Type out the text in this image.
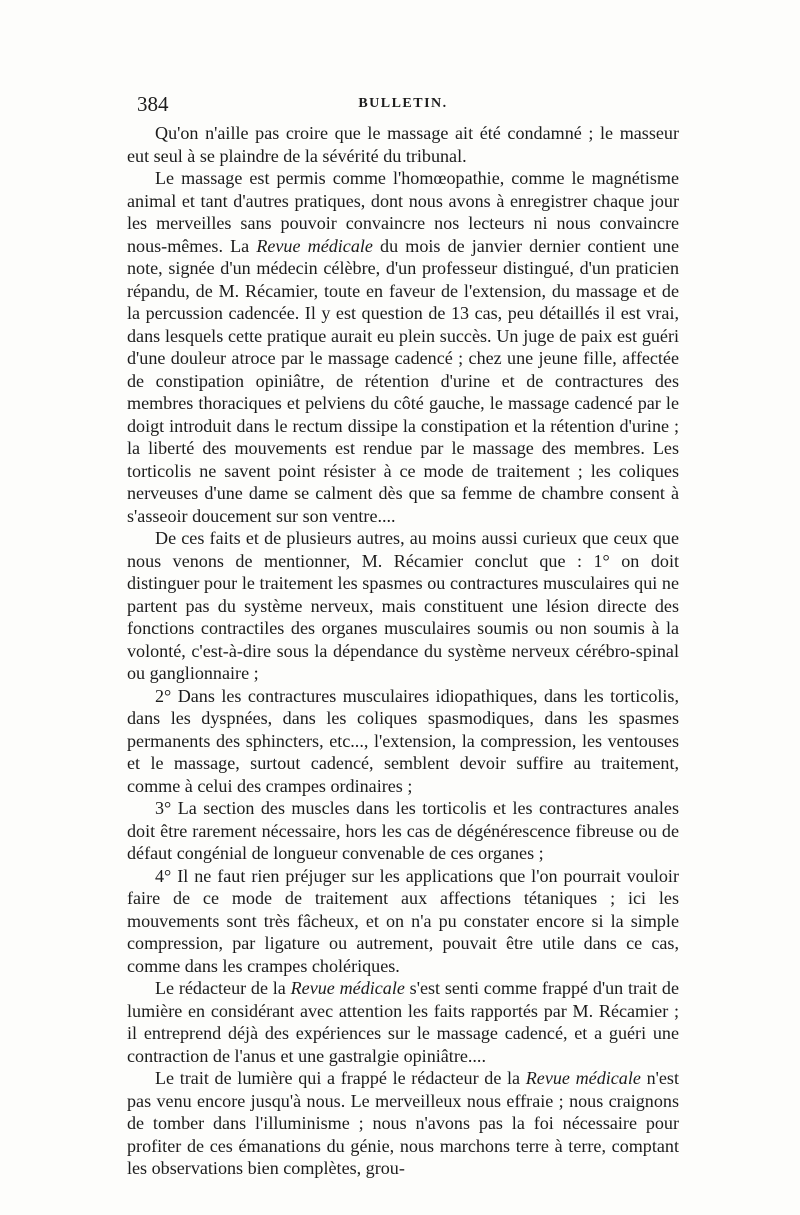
384	BULLETIN.

Qu'on n'aille pas croire que le massage ait été condamné ; le masseur eut seul à se plaindre de la sévérité du tribunal.

Le massage est permis comme l'homœopathie, comme le magnétisme animal et tant d'autres pratiques, dont nous avons à enregistrer chaque jour les merveilles sans pouvoir convaincre nos lecteurs ni nous convaincre nous-mêmes. La Revue médicale du mois de janvier dernier contient une note, signée d'un médecin célèbre, d'un professeur distingué, d'un praticien répandu, de M. Récamier, toute en faveur de l'extension, du massage et de la percussion cadencée. Il y est question de 13 cas, peu détaillés il est vrai, dans lesquels cette pratique aurait eu plein succès. Un juge de paix est guéri d'une douleur atroce par le massage cadencé ; chez une jeune fille, affectée de constipation opiniâtre, de rétention d'urine et de contractures des membres thoraciques et pelviens du côté gauche, le massage cadencé par le doigt introduit dans le rectum dissipe la constipation et la rétention d'urine ; la liberté des mouvements est rendue par le massage des membres. Les torticolis ne savent point résister à ce mode de traitement ; les coliques nerveuses d'une dame se calment dès que sa femme de chambre consent à s'asseoir doucement sur son ventre....

De ces faits et de plusieurs autres, au moins aussi curieux que ceux que nous venons de mentionner, M. Récamier conclut que : 1° on doit distinguer pour le traitement les spasmes ou contractures musculaires qui ne partent pas du système nerveux, mais constituent une lésion directe des fonctions contractiles des organes musculaires soumis ou non soumis à la volonté, c'est-à-dire sous la dépendance du système nerveux cérébro-spinal ou ganglionnaire ;

2° Dans les contractures musculaires idiopathiques, dans les torticolis, dans les dyspnées, dans les coliques spasmodiques, dans les spasmes permanents des sphincters, etc..., l'extension, la compression, les ventouses et le massage, surtout cadencé, semblent devoir suffire au traitement, comme à celui des crampes ordinaires ;

3° La section des muscles dans les torticolis et les contractures anales doit être rarement nécessaire, hors les cas de dégénérescence fibreuse ou de défaut congénial de longueur convenable de ces organes ;

4° Il ne faut rien préjuger sur les applications que l'on pourrait vouloir faire de ce mode de traitement aux affections tétaniques ; ici les mouvements sont très fâcheux, et on n'a pu constater encore si la simple compression, par ligature ou autrement, pouvait être utile dans ce cas, comme dans les crampes cholériques.

Le rédacteur de la Revue médicale s'est senti comme frappé d'un trait de lumière en considérant avec attention les faits rapportés par M. Récamier ; il entreprend déjà des expériences sur le massage cadencé, et a guéri une contraction de l'anus et une gastralgie opiniâtre....

Le trait de lumière qui a frappé le rédacteur de la Revue médicale n'est pas venu encore jusqu'à nous. Le merveilleux nous effraie ; nous craignons de tomber dans l'illuminisme ; nous n'avons pas la foi nécessaire pour profiter de ces émanations du génie, nous marchons terre à terre, comptant les observations bien complètes, grou-
